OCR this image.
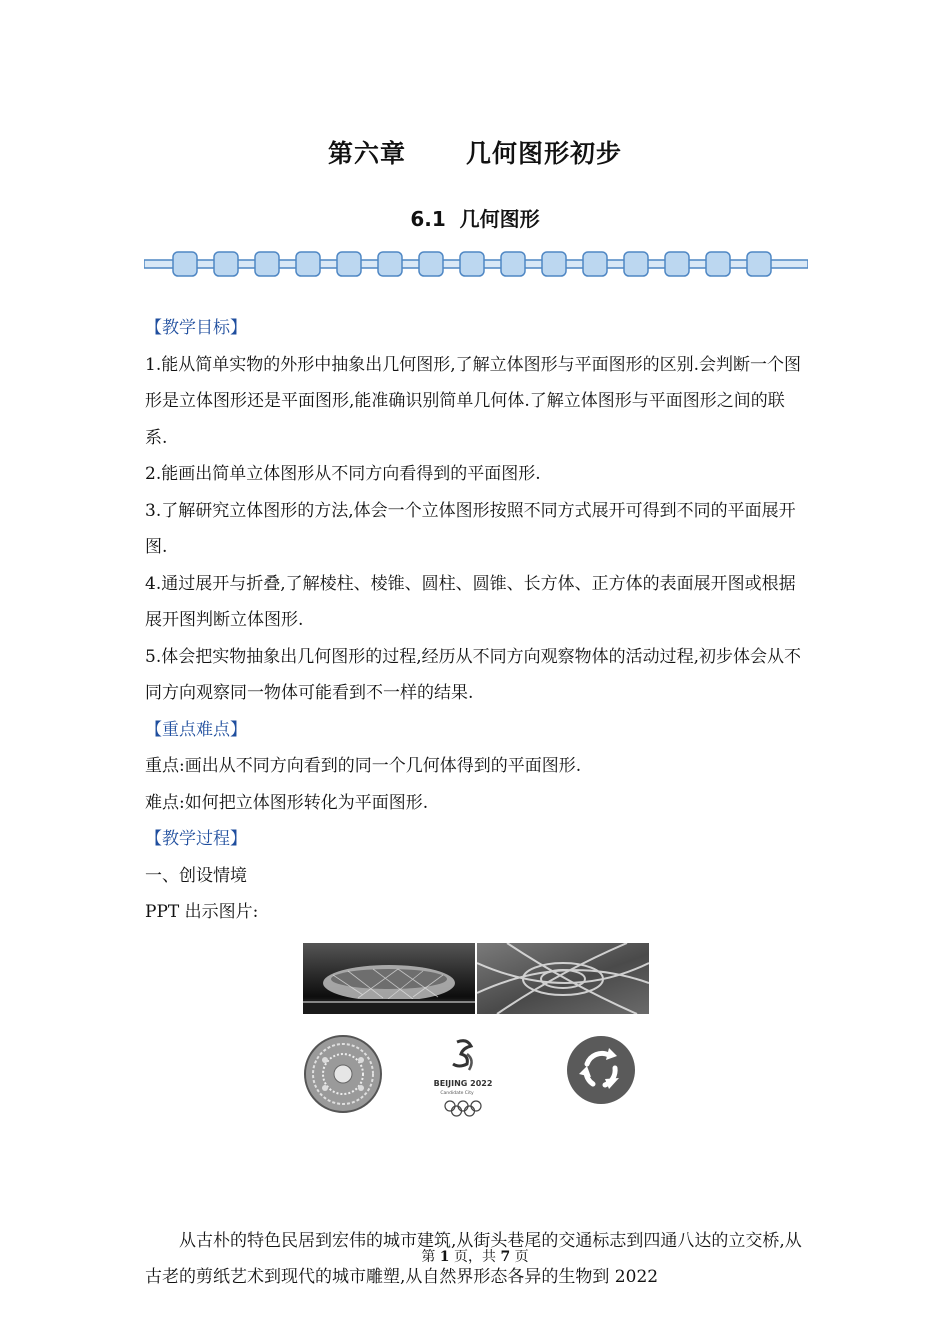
第六章 几何图形初步
6.1  几何图形

【教学目标】

1.能从简单实物的外形中抽象出几何图形,了解立体图形与平面图形的区别.会判断一个图形是立体图形还是平面图形,能准确识别简单几何体.了解立体图形与平面图形之间的联系.

2.能画出简单立体图形从不同方向看得到的平面图形.

3.了解研究立体图形的方法,体会一个立体图形按照不同方式展开可得到不同的平面展开图.

4.通过展开与折叠,了解棱柱、棱锥、圆柱、圆锥、长方体、正方体的表面展开图或根据展开图判断立体图形.

5.体会把实物抽象出几何图形的过程,经历从不同方向观察物体的活动过程,初步体会从不同方向观察同一物体可能看到不一样的结果.

【重点难点】

重点:画出从不同方向看到的同一个几何体得到的平面图形.

难点:如何把立体图形转化为平面图形.

【教学过程】

一、创设情境

PPT 出示图片:

BEIJING 2022
Candidate City

从古朴的特色民居到宏伟的城市建筑,从街头巷尾的交通标志到四通八达的立交桥,从古老的剪纸艺术到现代的城市雕塑,从自然界形态各异的生物到 2022

第 1 页，共 7 页
